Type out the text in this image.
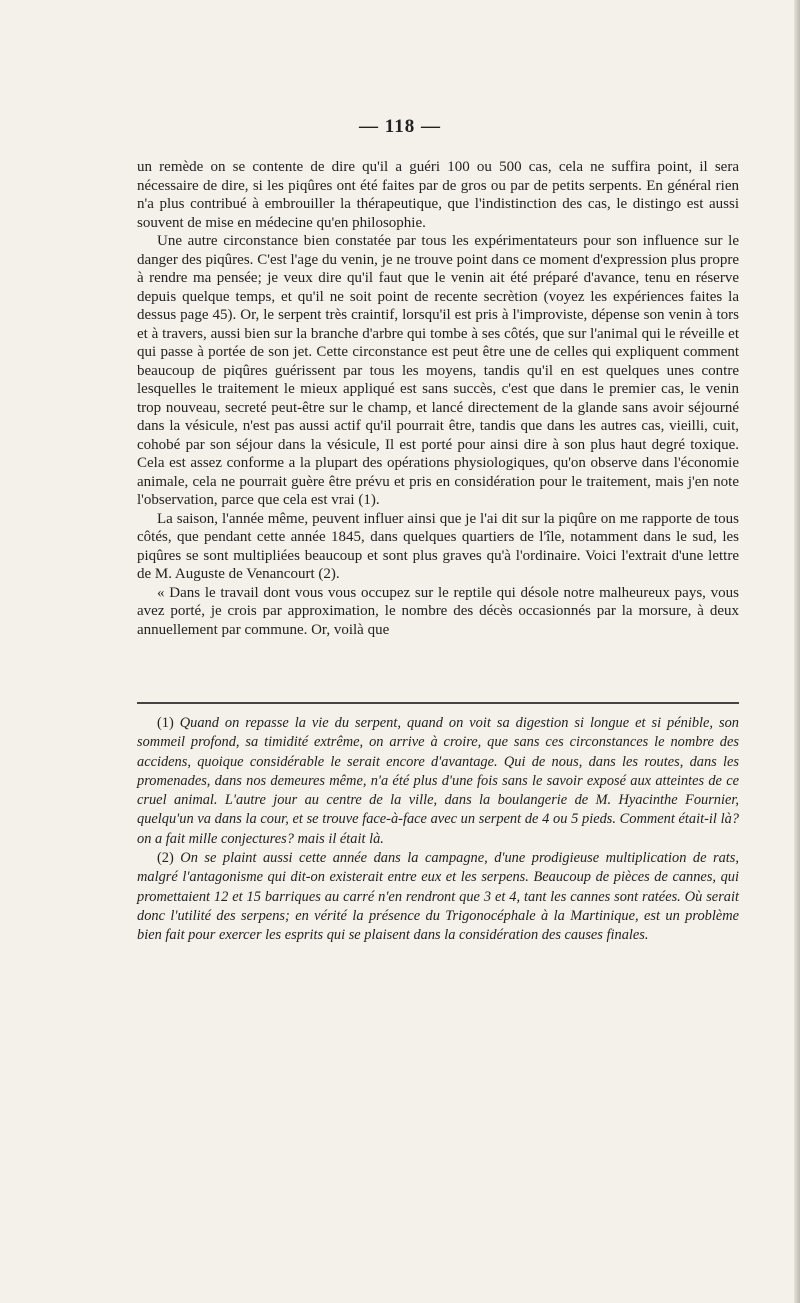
— 118 —

un remède on se contente de dire qu'il a guéri 100 ou 500 cas, cela ne suffira point, il sera nécessaire de dire, si les piqûres ont été faites par de gros ou par de petits serpents. En général rien n'a plus contribué à embrouiller la thérapeutique, que l'indistinction des cas, le distingo est aussi souvent de mise en médecine qu'en philosophie.

Une autre circonstance bien constatée par tous les expérimentateurs pour son influence sur le danger des piqûres. C'est l'age du venin, je ne trouve point dans ce moment d'expression plus propre à rendre ma pensée; je veux dire qu'il faut que le venin ait été préparé d'avance, tenu en réserve depuis quelque temps, et qu'il ne soit point de recente secrètion (voyez les expériences faites la dessus page 45). Or, le serpent très craintif, lorsqu'il est pris à l'improviste, dépense son venin à tors et à travers, aussi bien sur la branche d'arbre qui tombe à ses côtés, que sur l'animal qui le réveille et qui passe à portée de son jet. Cette circonstance est peut être une de celles qui expliquent comment beaucoup de piqûres guérissent par tous les moyens, tandis qu'il en est quelques unes contre lesquelles le traitement le mieux appliqué est sans succès, c'est que dans le premier cas, le venin trop nouveau, secreté peut-être sur le champ, et lancé directement de la glande sans avoir séjourné dans la vésicule, n'est pas aussi actif qu'il pourrait être, tandis que dans les autres cas, vieilli, cuit, cohobé par son séjour dans la vésicule, Il est porté pour ainsi dire à son plus haut degré toxique. Cela est assez conforme a la plupart des opérations physiologiques, qu'on observe dans l'économie animale, cela ne pourrait guère être prévu et pris en considération pour le traitement, mais j'en note l'observation, parce que cela est vrai (1).

La saison, l'année même, peuvent influer ainsi que je l'ai dit sur la piqûre on me rapporte de tous côtés, que pendant cette année 1845, dans quelques quartiers de l'île, notamment dans le sud, les piqûres se sont multipliées beaucoup et sont plus graves qu'à l'ordinaire. Voici l'extrait d'une lettre de M. Auguste de Venancourt (2).

« Dans le travail dont vous vous occupez sur le reptile qui désole notre malheureux pays, vous avez porté, je crois par approximation, le nombre des décès occasionnés par la morsure, à deux annuellement par commune. Or, voilà que

(1) Quand on repasse la vie du serpent, quand on voit sa digestion si longue et si pénible, son sommeil profond, sa timidité extrême, on arrive à croire, que sans ces circonstances le nombre des accidens, quoique considérable le serait encore d'avantage. Qui de nous, dans les routes, dans les promenades, dans nos demeures même, n'a été plus d'une fois sans le savoir exposé aux atteintes de ce cruel animal. L'autre jour au centre de la ville, dans la boulangerie de M. Hyacinthe Fournier, quelqu'un va dans la cour, et se trouve face-à-face avec un serpent de 4 ou 5 pieds. Comment était-il là? on a fait mille conjectures? mais il était là.

(2) On se plaint aussi cette année dans la campagne, d'une prodigieuse multiplication de rats, malgré l'antagonisme qui dit-on existerait entre eux et les serpens. Beaucoup de pièces de cannes, qui promettaient 12 et 15 barriques au carré n'en rendront que 3 et 4, tant les cannes sont ratées. Où serait donc l'utilité des serpens; en vérité la présence du Trigonocéphale à la Martinique, est un problème bien fait pour exercer les esprits qui se plaisent dans la considération des causes finales.
